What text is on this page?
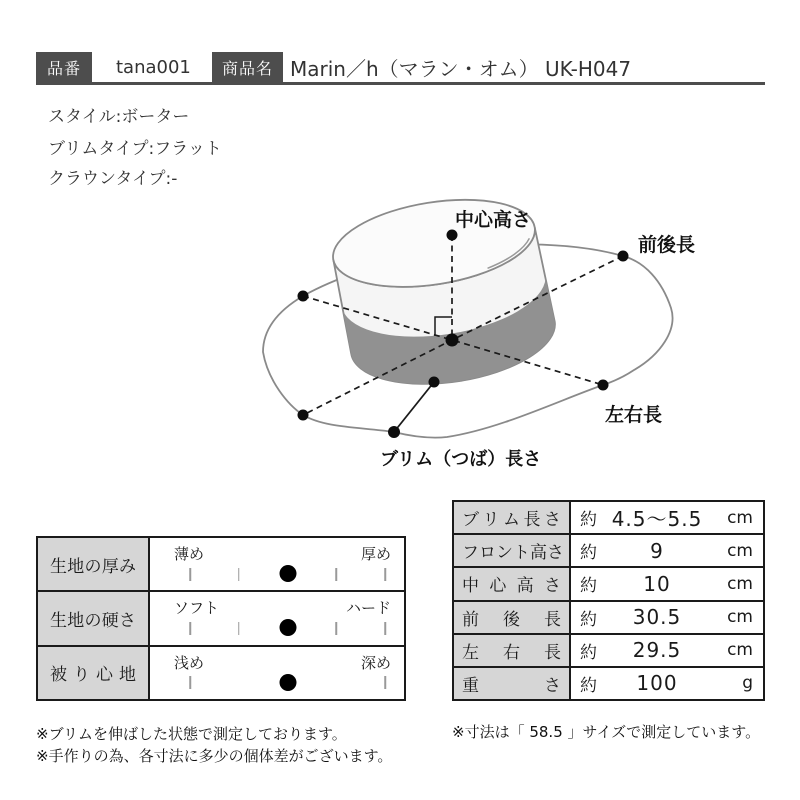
品番 tana001 商品名 Marin／h（マラン・オム） UK-H047
スタイル:ボーター
ブリムタイプ:フラット
クラウンタイプ:-
中心高さ
前後長
左右長
ブリム（つば）長さ
生 地 の 厚 み
薄め	厚め
生 地 の 硬 さ
ソフト	ハード
被 り 心 地
浅め	深め
ブ リ ム 長 さ 約 4.5～5.5	cm
フ ロ ン ト 高 さ 約	9	cm
中 心 高 さ 約	10	cm
前 後 長 約	30.5	cm
左 右 長 約	29.5	cm
重	さ 約	100	g
※ブリムを伸ばした状態で測定しております。
※手作りの為、各寸法に多少の個体差がございます。
※寸法は「 58.5 」サイズで測定しています。
